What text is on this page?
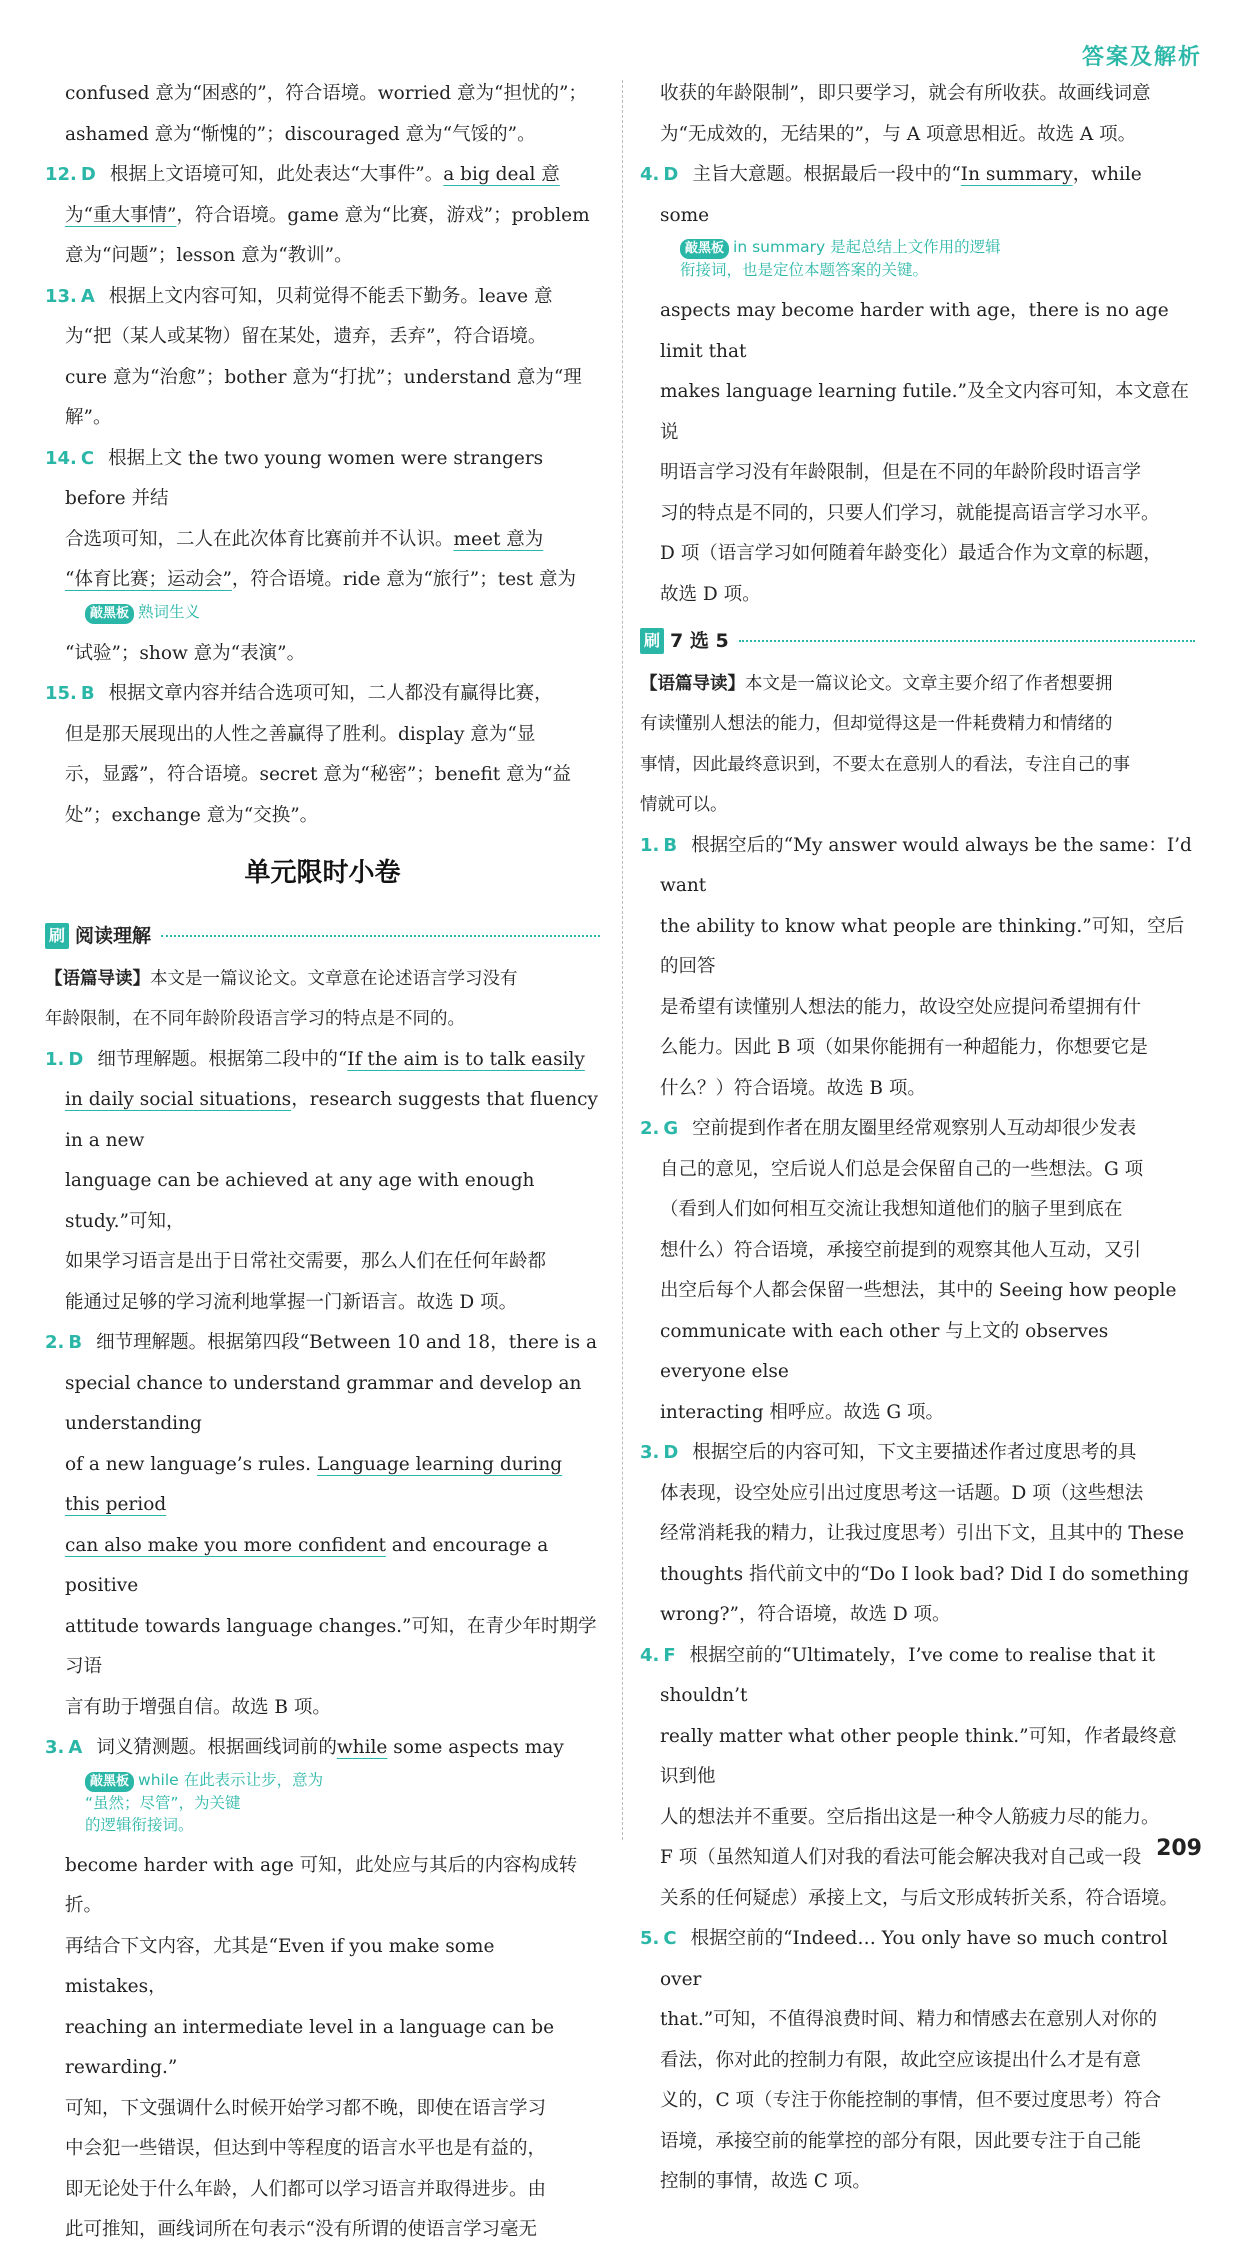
答案及解析

confused 意为“困惑的”，符合语境。worried 意为“担忧的”；

ashamed 意为“惭愧的”；discouraged 意为“气馁的”。

12. D 根据上文语境可知，此处表达“大事件”。a big deal 意

为“重大事情”，符合语境。game 意为“比赛，游戏”；problem

意为“问题”；lesson 意为“教训”。

13. A 根据上文内容可知，贝莉觉得不能丢下勤务。leave 意

为“把（某人或某物）留在某处，遗弃，丢弃”，符合语境。

cure 意为“治愈”；bother 意为“打扰”；understand 意为“理

解”。

14. C 根据上文 the two young women were strangers before 并结

合选项可知，二人在此次体育比赛前并不认识。meet 意为

“体育比赛；运动会”，符合语境。ride 意为“旅行”；test 意为

敲黑板 熟词生义

“试验”；show 意为“表演”。

15. B 根据文章内容并结合选项可知，二人都没有赢得比赛，

但是那天展现出的人性之善赢得了胜利。display 意为“显

示，显露”，符合语境。secret 意为“秘密”；benefit 意为“益

处”；exchange 意为“交换”。

单元限时小卷
刷 阅读理解

【语篇导读】本文是一篇议论文。文章意在论述语言学习没有

年龄限制，在不同年龄阶段语言学习的特点是不同的。

1. D 细节理解题。根据第二段中的“If the aim is to talk easily

in daily social situations，research suggests that fluency in a new

language can be achieved at any age with enough study.”可知，

如果学习语言是出于日常社交需要，那么人们在任何年龄都

能通过足够的学习流利地掌握一门新语言。故选 D 项。

2. B 细节理解题。根据第四段“Between 10 and 18，there is a

special chance to understand grammar and develop an understanding

of a new language’s rules. Language learning during this period

can also make you more confident and encourage a positive

attitude towards language changes.”可知，在青少年时期学习语

言有助于增强自信。故选 B 项。

3. A 词义猜测题。根据画线词前的while some aspects may

敲黑板 while 在此表示让步，意为
“虽然；尽管”，为关键
的逻辑衔接词。

become harder with age 可知，此处应与其后的内容构成转折。

再结合下文内容，尤其是“Even if you make some mistakes，

reaching an intermediate level in a language can be rewarding.”

可知，下文强调什么时候开始学习都不晚，即使在语言学习

中会犯一些错误，但达到中等程度的语言水平也是有益的，

即无论处于什么年龄，人们都可以学习语言并取得进步。由

此可推知，画线词所在句表示“没有所谓的使语言学习毫无

收获的年龄限制”，即只要学习，就会有所收获。故画线词意

为“无成效的，无结果的”，与 A 项意思相近。故选 A 项。

4. D 主旨大意题。根据最后一段中的“In summary，while some

敲黑板 in summary 是起总结上文作用的逻辑
衔接词，也是定位本题答案的关键。

aspects may become harder with age，there is no age limit that

makes language learning futile.”及全文内容可知，本文意在说

明语言学习没有年龄限制，但是在不同的年龄阶段时语言学

习的特点是不同的，只要人们学习，就能提高语言学习水平。

D 项（语言学习如何随着年龄变化）最适合作为文章的标题，

故选 D 项。

刷 7 选 5

【语篇导读】本文是一篇议论文。文章主要介绍了作者想要拥

有读懂别人想法的能力，但却觉得这是一件耗费精力和情绪的

事情，因此最终意识到，不要太在意别人的看法，专注自己的事

情就可以。

1. B 根据空后的“My answer would always be the same：I’d want

the ability to know what people are thinking.”可知，空后的回答

是希望有读懂别人想法的能力，故设空处应提问希望拥有什

么能力。因此 B 项（如果你能拥有一种超能力，你想要它是

什么？）符合语境。故选 B 项。

2. G 空前提到作者在朋友圈里经常观察别人互动却很少发表

自己的意见，空后说人们总是会保留自己的一些想法。G 项

（看到人们如何相互交流让我想知道他们的脑子里到底在

想什么）符合语境，承接空前提到的观察其他人互动，又引

出空后每个人都会保留一些想法，其中的 Seeing how people

communicate with each other 与上文的 observes everyone else

interacting 相呼应。故选 G 项。

3. D 根据空后的内容可知，下文主要描述作者过度思考的具

体表现，设空处应引出过度思考这一话题。D 项（这些想法

经常消耗我的精力，让我过度思考）引出下文，且其中的 These

thoughts 指代前文中的“Do I look bad? Did I do something

wrong?”，符合语境，故选 D 项。

4. F 根据空前的“Ultimately，I’ve come to realise that it shouldn’t

really matter what other people think.”可知，作者最终意识到他

人的想法并不重要。空后指出这是一种令人筋疲力尽的能力。

F 项（虽然知道人们对我的看法可能会解决我对自己或一段

关系的任何疑虑）承接上文，与后文形成转折关系，符合语境。

5. C 根据空前的“Indeed… You only have so much control over

that.”可知，不值得浪费时间、精力和情感去在意别人对你的

看法，你对此的控制力有限，故此空应该提出什么才是有意

义的，C 项（专注于你能控制的事情，但不要过度思考）符合

语境，承接空前的能掌控的部分有限，因此要专注于自己能

控制的事情，故选 C 项。

209
